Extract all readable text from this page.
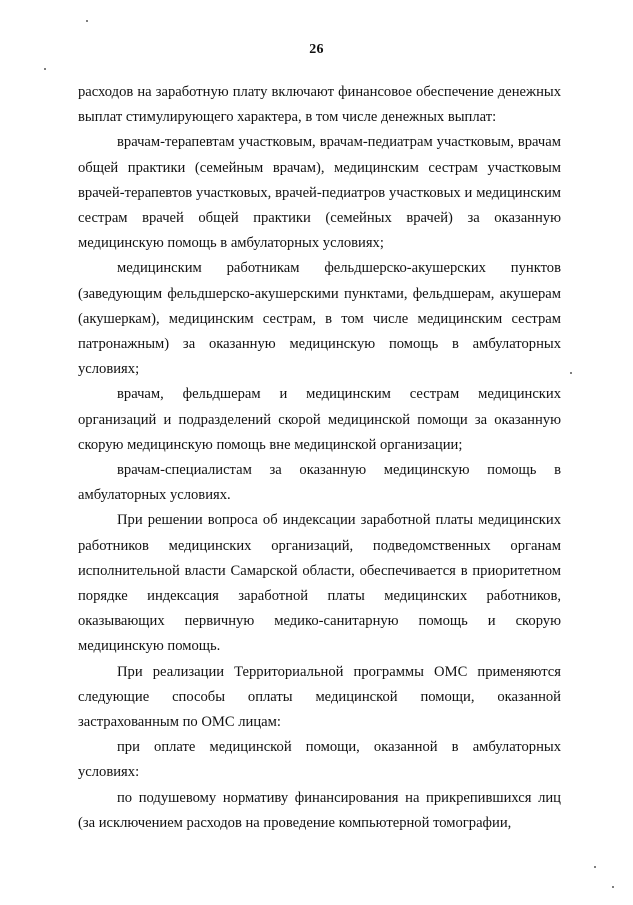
26

расходов на заработную плату включают финансовое обеспечение денежных выплат стимулирующего характера, в том числе денежных выплат:

врачам-терапевтам участковым, врачам-педиатрам участковым, врачам общей практики (семейным врачам), медицинским сестрам участковым врачей-терапевтов участковых, врачей-педиатров участковых и медицинским сестрам врачей общей практики (семейных врачей) за оказанную медицинскую помощь в амбулаторных условиях;

медицинским работникам фельдшерско-акушерских пунктов (заведующим фельдшерско-акушерскими пунктами, фельдшерам, акушерам (акушеркам), медицинским сестрам, в том числе медицинским сестрам патронажным) за оказанную медицинскую помощь в амбулаторных условиях;

врачам, фельдшерам и медицинским сестрам медицинских организаций и подразделений скорой медицинской помощи за оказанную скорую медицинскую помощь вне медицинской организации;

врачам-специалистам за оказанную медицинскую помощь в амбулаторных условиях.

При решении вопроса об индексации заработной платы медицинских работников медицинских организаций, подведомственных органам исполнительной власти Самарской области, обеспечивается в приоритетном порядке индексация заработной платы медицинских работников, оказывающих первичную медико-санитарную помощь и скорую медицинскую помощь.

При реализации Территориальной программы ОМС применяются следующие способы оплаты медицинской помощи, оказанной застрахованным по ОМС лицам:

при оплате медицинской помощи, оказанной в амбулаторных условиях:

по подушевому нормативу финансирования на прикрепившихся лиц (за исключением расходов на проведение компьютерной томографии,
